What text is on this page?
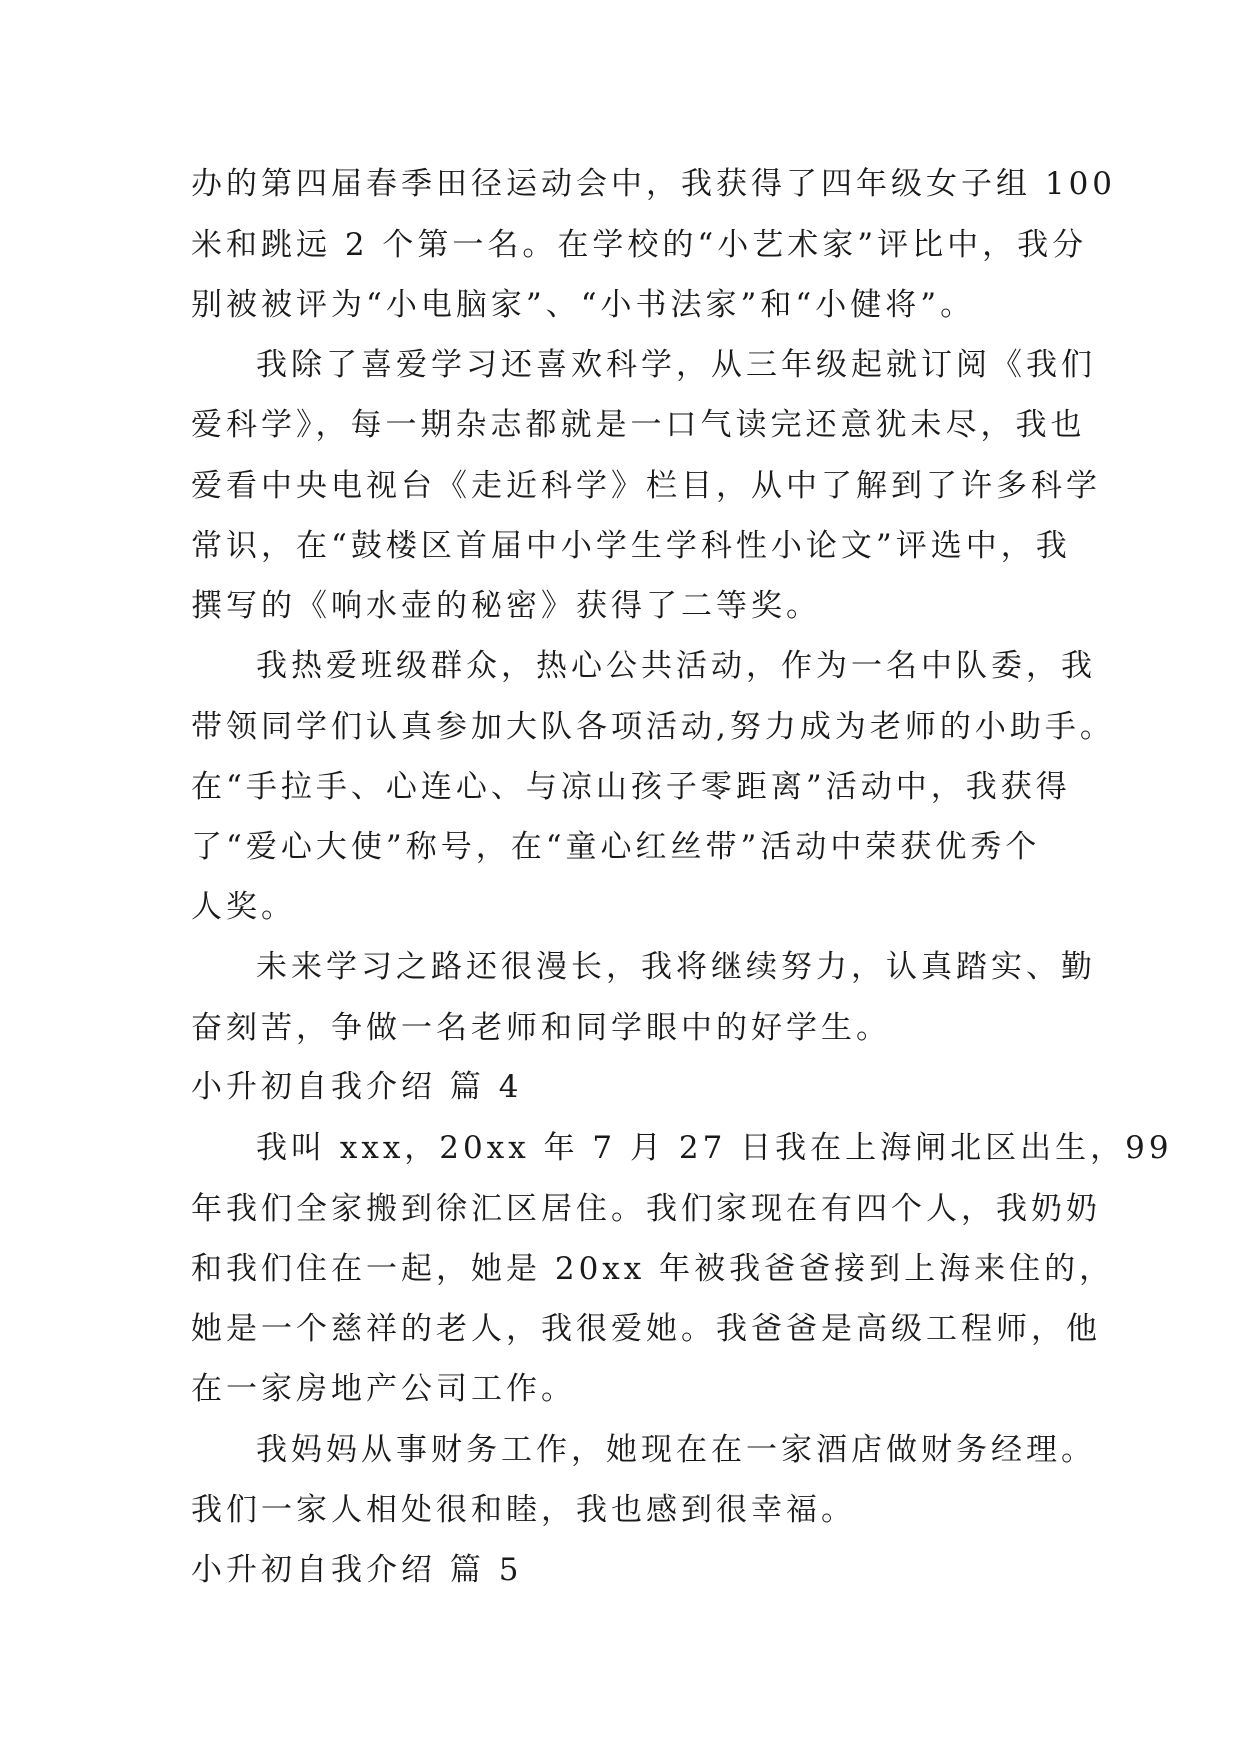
办的第四届春季田径运动会中，我获得了四年级女子组 100
米和跳远 2 个第一名。在学校的“小艺术家”评比中，我分
别被被评为“小电脑家”、“小书法家”和“小健将”。
我除了喜爱学习还喜欢科学，从三年级起就订阅《我们
爱科学》，每一期杂志都就是一口气读完还意犹未尽，我也
爱看中央电视台《走近科学》栏目，从中了解到了许多科学
常识，在“鼓楼区首届中小学生学科性小论文”评选中，我
撰写的《响水壶的秘密》获得了二等奖。
我热爱班级群众，热心公共活动，作为一名中队委，我
带领同学们认真参加大队各项活动,努力成为老师的小助手。
在“手拉手、心连心、与凉山孩子零距离”活动中，我获得
了“爱心大使”称号，在“童心红丝带”活动中荣获优秀个
人奖。
未来学习之路还很漫长，我将继续努力，认真踏实、勤
奋刻苦，争做一名老师和同学眼中的好学生。
小升初自我介绍 篇 4
我叫 xxx，20xx 年 7 月 27 日我在上海闸北区出生，99
年我们全家搬到徐汇区居住。我们家现在有四个人，我奶奶
和我们住在一起，她是 20xx 年被我爸爸接到上海来住的，
她是一个慈祥的老人，我很爱她。我爸爸是高级工程师，他
在一家房地产公司工作。
我妈妈从事财务工作，她现在在一家酒店做财务经理。
我们一家人相处很和睦，我也感到很幸福。
小升初自我介绍 篇 5
